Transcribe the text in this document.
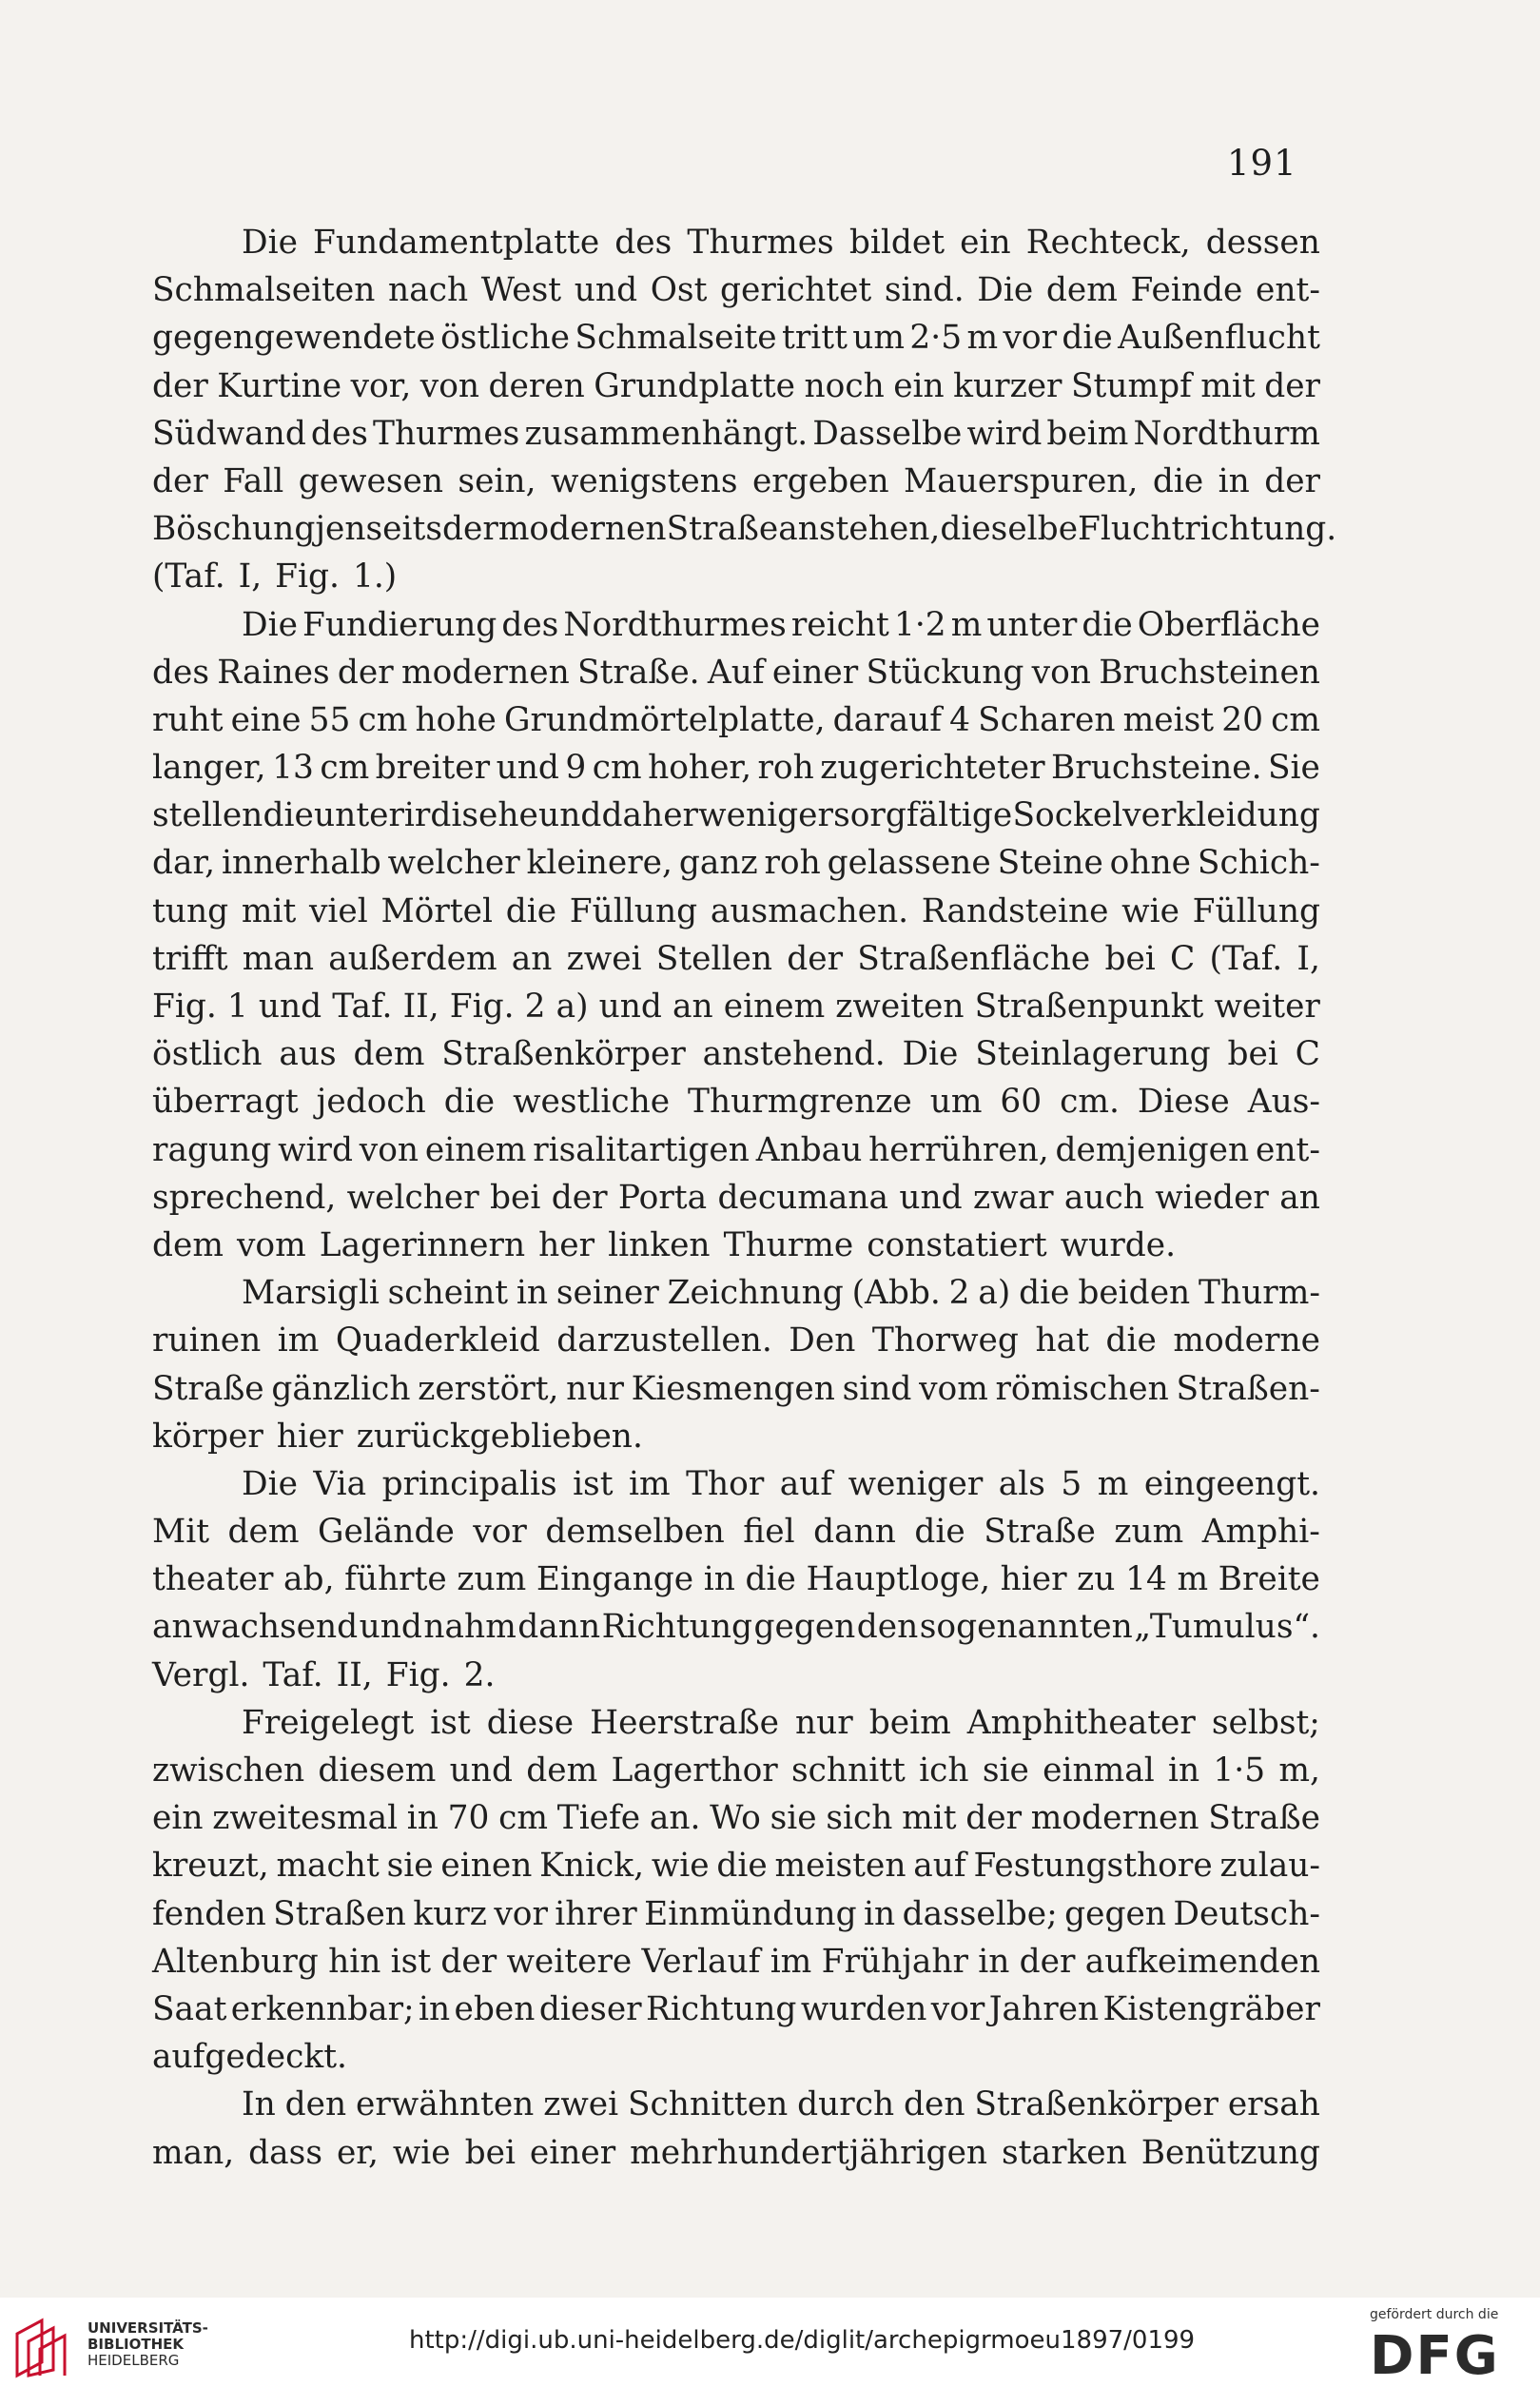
191
Die Fundamentplatte des Thurmes bildet ein Rechteck, dessen
Schmalseiten nach West und Ost gerichtet sind. Die dem Feinde ent-
gegengewendete östliche Schmalseite tritt um 2·5 m vor die Außenflucht
der Kurtine vor, von deren Grundplatte noch ein kurzer Stumpf mit der
Südwand des Thurmes zusammenhängt. Dasselbe wird beim Nordthurm
der Fall gewesen sein, wenigstens ergeben Mauerspuren, die in der
Böschung jenseits der modernen Straße anstehen, dieselbe Fluchtrichtung.
(Taf. I, Fig. 1.)
Die Fundierung des Nordthurmes reicht 1·2 m unter die Oberfläche
des Raines der modernen Straße. Auf einer Stückung von Bruchsteinen
ruht eine 55 cm hohe Grundmörtelplatte, darauf 4 Scharen meist 20 cm
langer, 13 cm breiter und 9 cm hoher, roh zugerichteter Bruchsteine. Sie
stellen die unterirdisehe und daher weniger sorgfältige Sockelverkleidung
dar, innerhalb welcher kleinere, ganz roh gelassene Steine ohne Schich-
tung mit viel Mörtel die Füllung ausmachen. Randsteine wie Füllung
trifft man außerdem an zwei Stellen der Straßenfläche bei C (Taf. I,
Fig. 1 und Taf. II, Fig. 2 a) und an einem zweiten Straßenpunkt weiter
östlich aus dem Straßenkörper anstehend. Die Steinlagerung bei C
überragt jedoch die westliche Thurmgrenze um 60 cm. Diese Aus-
ragung wird von einem risalitartigen Anbau herrühren, demjenigen ent-
sprechend, welcher bei der Porta decumana und zwar auch wieder an
dem vom Lagerinnern her linken Thurme constatiert wurde.
Marsigli scheint in seiner Zeichnung (Abb. 2 a) die beiden Thurm-
ruinen im Quaderkleid darzustellen. Den Thorweg hat die moderne
Straße gänzlich zerstört, nur Kiesmengen sind vom römischen Straßen-
körper hier zurückgeblieben.
Die Via principalis ist im Thor auf weniger als 5 m eingeengt.
Mit dem Gelände vor demselben fiel dann die Straße zum Amphi-
theater ab, führte zum Eingange in die Hauptloge, hier zu 14 m Breite
anwachsend und nahm dann Richtung gegen den sogenannten „Tumulus“.
Vergl. Taf. II, Fig. 2.
Freigelegt ist diese Heerstraße nur beim Amphitheater selbst;
zwischen diesem und dem Lagerthor schnitt ich sie einmal in 1·5 m,
ein zweitesmal in 70 cm Tiefe an. Wo sie sich mit der modernen Straße
kreuzt, macht sie einen Knick, wie die meisten auf Festungsthore zulau-
fenden Straßen kurz vor ihrer Einmündung in dasselbe; gegen Deutsch-
Altenburg hin ist der weitere Verlauf im Frühjahr in der aufkeimenden
Saat erkennbar; in eben dieser Richtung wurden vor Jahren Kistengräber
aufgedeckt.
In den erwähnten zwei Schnitten durch den Straßenkörper ersah
man, dass er, wie bei einer mehrhundertjährigen starken Benützung
UNIVERSITÄTS-
BIBLIOTHEK
HEIDELBERG
http://digi.ub.uni-heidelberg.de/diglit/archepigrmoeu1897/0199
gefördert durch die
DFG
